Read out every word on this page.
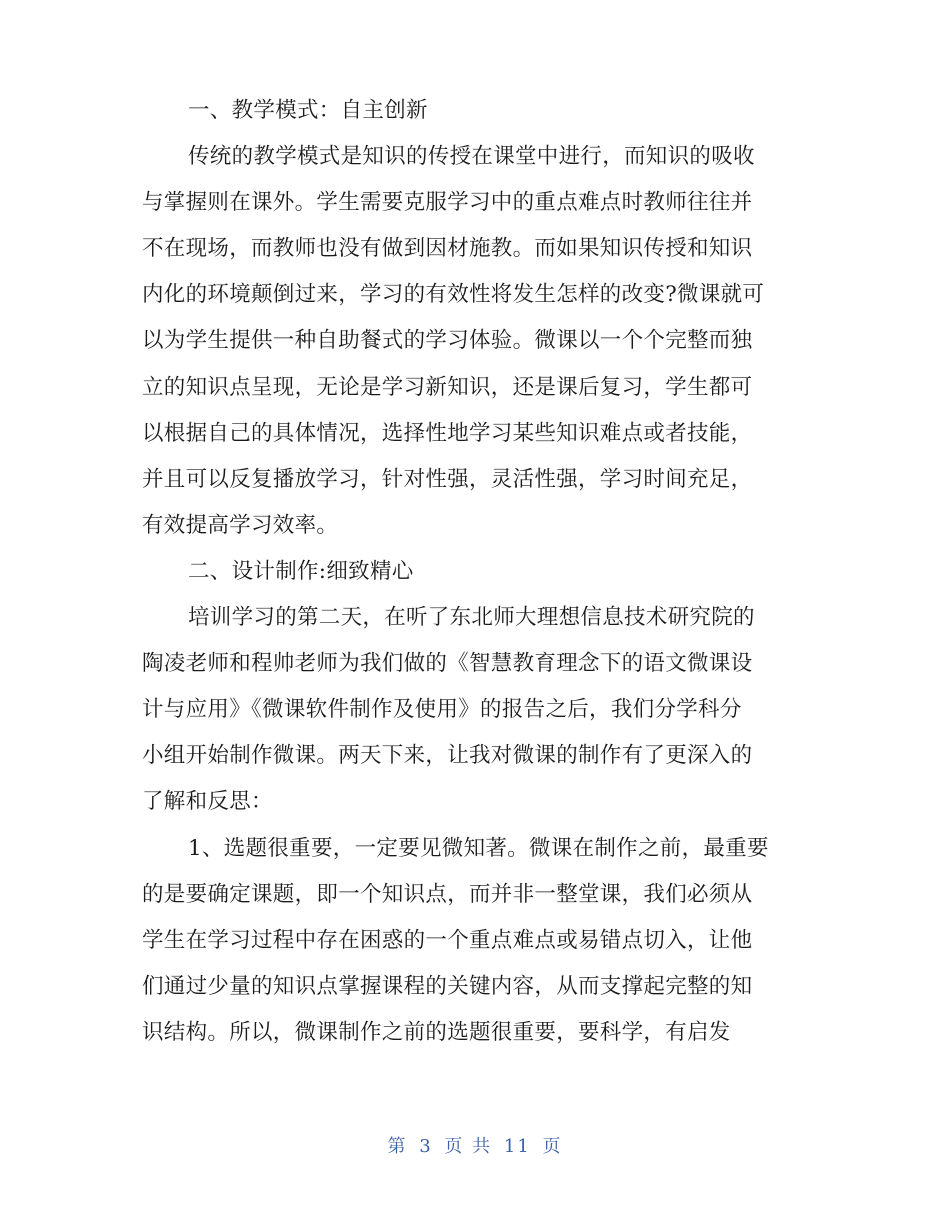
一、教学模式：自主创新
传统的教学模式是知识的传授在课堂中进行，而知识的吸收
与掌握则在课外。学生需要克服学习中的重点难点时教师往往并
不在现场，而教师也没有做到因材施教。而如果知识传授和知识
内化的环境颠倒过来，学习的有效性将发生怎样的改变?微课就可
以为学生提供一种自助餐式的学习体验。微课以一个个完整而独
立的知识点呈现，无论是学习新知识，还是课后复习，学生都可
以根据自己的具体情况，选择性地学习某些知识难点或者技能，
并且可以反复播放学习，针对性强，灵活性强，学习时间充足，
有效提高学习效率。
二、设计制作:细致精心
培训学习的第二天，在听了东北师大理想信息技术研究院的
陶凌老师和程帅老师为我们做的《智慧教育理念下的语文微课设
计与应用》《微课软件制作及使用》的报告之后，我们分学科分
小组开始制作微课。两天下来，让我对微课的制作有了更深入的
了解和反思：
1、选题很重要，一定要见微知著。微课在制作之前，最重要
的是要确定课题，即一个知识点，而并非一整堂课，我们必须从
学生在学习过程中存在困惑的一个重点难点或易错点切入，让他
们通过少量的知识点掌握课程的关键内容，从而支撑起完整的知
识结构。所以，微课制作之前的选题很重要，要科学，有启发
第 3 页 共 11 页
